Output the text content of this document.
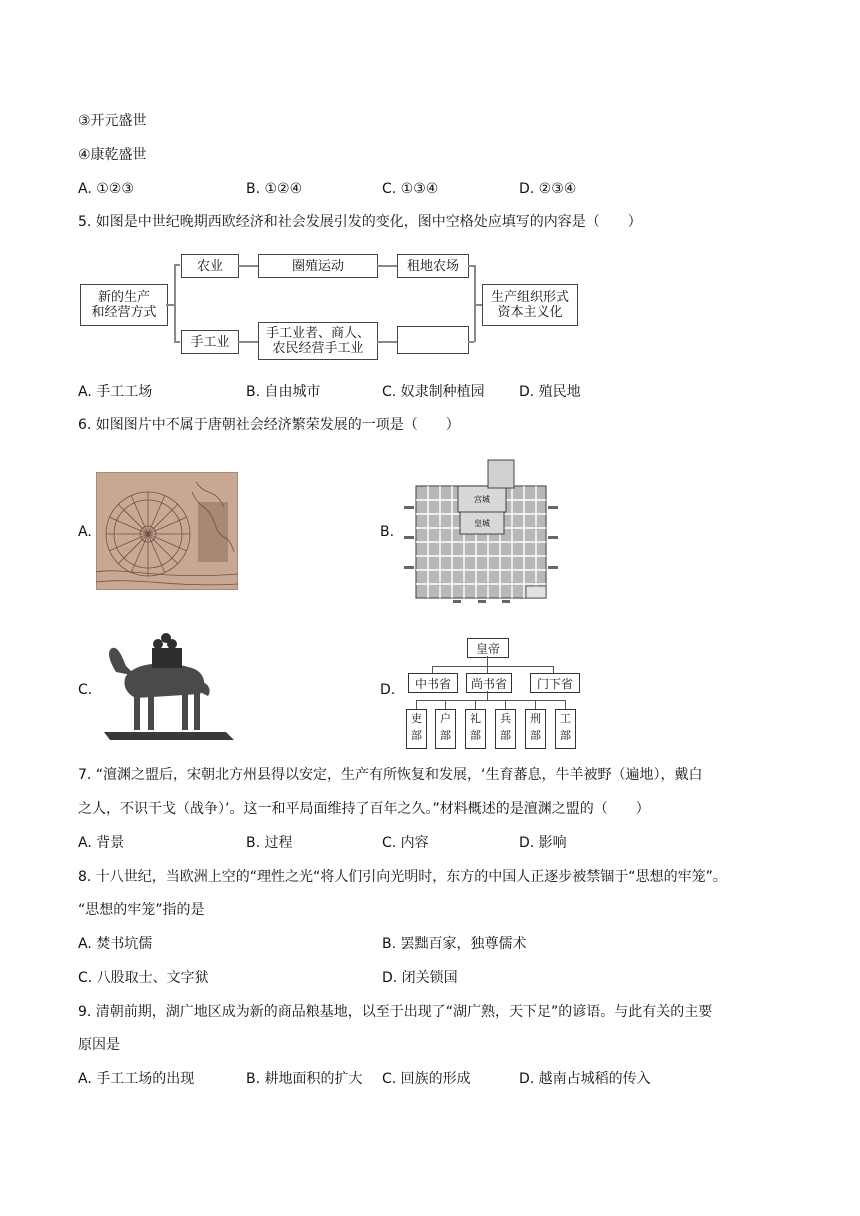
③开元盛世
④康乾盛世
A. ①②③	B. ①②④	C. ①③④	D. ②③④
5. 如图是中世纪晚期西欧经济和社会发展引发的变化，图中空格处应填写的内容是（　　）
新的生产
和经营方式
农业	圈殖运动	租地农场
手工业
手工业者、商人、
农民经营手工业
生产组织形式
资本主义化
A. 手工工场	B. 自由城市	C. 奴隶制种植园 D. 殖民地
6. 如图图片中不属于唐朝社会经济繁荣发展的一项是（　　）
A.	B.
宫城
皇城
C.	D.
皇帝
中书省	尚书省	门下省
吏
部
户
部
礼
部
兵
部
刑
部
工
部
7. “澶渊之盟后，宋朝北方州县得以安定，生产有所恢复和发展，‘生育蕃息，牛羊被野（遍地），戴白
之人，不识干戈（战争）’。这一和平局面维持了百年之久。”材料概述的是澶渊之盟的（　　）
A. 背景	B. 过程	C. 内容	D. 影响
8. 十八世纪，当欧洲上空的“理性之光“将人们引向光明时，东方的中国人正逐步被禁锢于“思想的牢笼”。
“思想的牢笼”指的是
A. 焚书坑儒	B. 罢黜百家，独尊儒术
C. 八股取士、文字狱	D. 闭关锁国
9. 清朝前期，湖广地区成为新的商品粮基地，以至于出现了“湖广熟，天下足”的谚语。与此有关的主要
原因是
A. 手工工场的出现	B. 耕地面积的扩大 C. 回族的形成	D. 越南占城稻的传入
